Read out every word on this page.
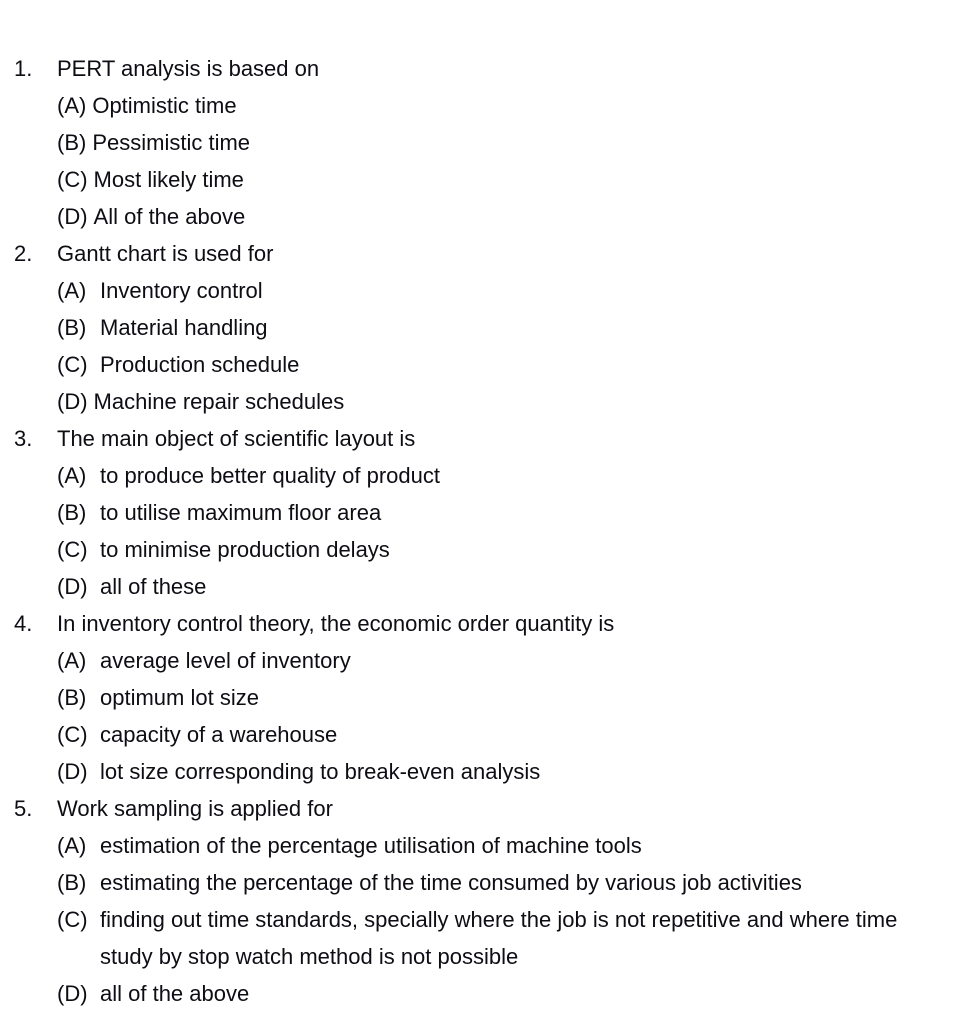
1. PERT analysis is based on
(A) Optimistic time
(B) Pessimistic time
(C) Most likely time
(D) All of the above
2. Gantt chart is used for
(A) Inventory control
(B) Material handling
(C) Production schedule
(D) Machine repair schedules
3. The main object of scientific layout is
(A) to produce better quality of product
(B) to utilise maximum floor area
(C) to minimise production delays
(D) all of these
4. In inventory control theory, the economic order quantity is
(A) average level of inventory
(B) optimum lot size
(C) capacity of a warehouse
(D) lot size corresponding to break-even analysis
5. Work sampling is applied for
(A) estimation of the percentage utilisation of machine tools
(B) estimating the percentage of the time consumed by various job activities
(C) finding out time standards, specially where the job is not repetitive and where time
study by stop watch method is not possible
(D) all of the above
